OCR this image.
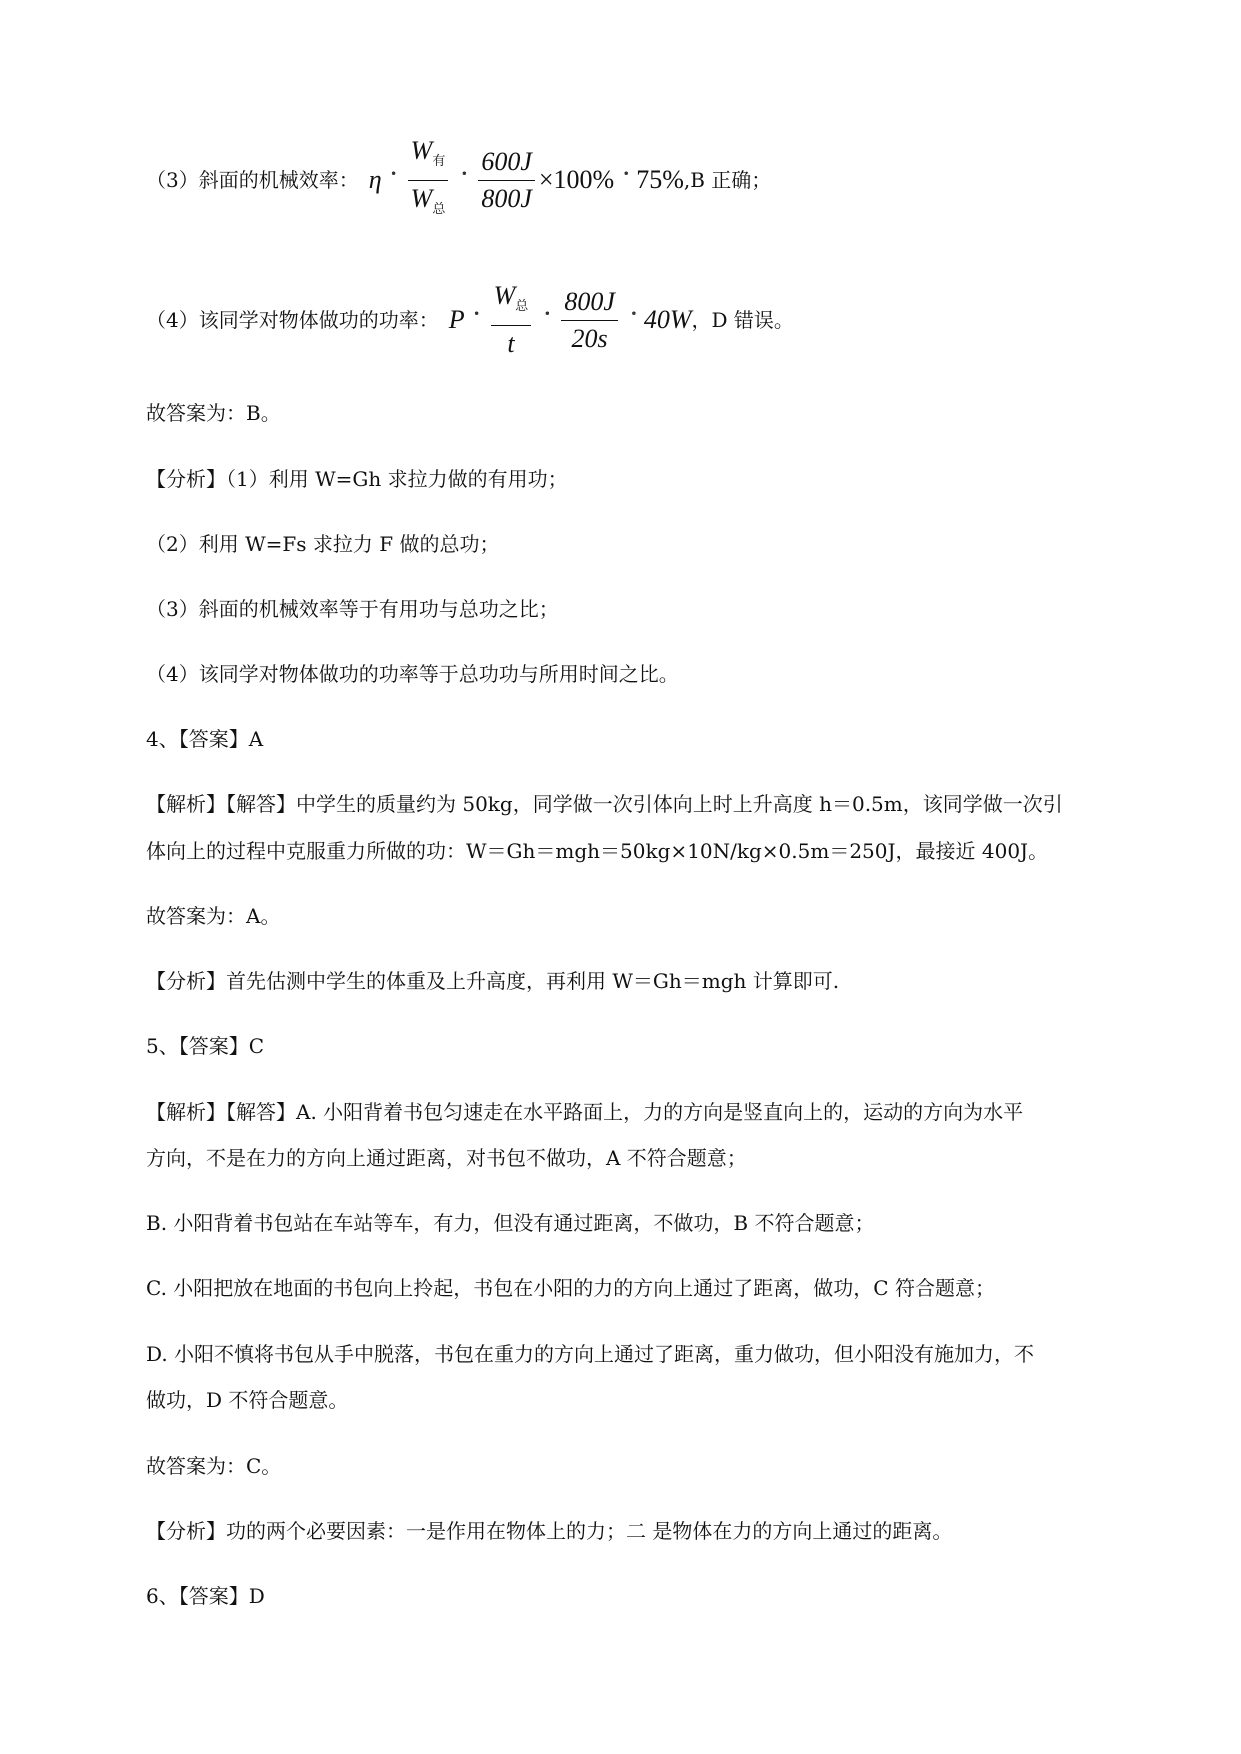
（3）斜面的机械效率： η ˟̊ $\frac{W_有}{W_总}$ ˟̊ $\frac{600J}{800J} \times 100\%$ ˟̊ 75% ,B 正确；
（4）该同学对物体做功的功率： P ˟̊ $\frac{W_总}{t}$ ˟̊ $\frac{800J}{20s}$ ˟̊ 40W ，D 错误。
故答案为：B。
【分析】（1）利用 W=Gh 求拉力做的有用功；
（2）利用 W=Fs 求拉力 F 做的总功；
（3）斜面的机械效率等于有用功与总功之比；
（4）该同学对物体做功的功率等于总功功与所用时间之比。
4、【答案】A
【解析】【解答】中学生的质量约为 50kg，同学做一次引体向上时上升高度 h＝0.5m，该同学做一次引
体向上的过程中克服重力所做的功：W＝Gh＝mgh＝50kg×10N/kg×0.5m＝250J，最接近 400J。
故答案为：A。
【分析】首先估测中学生的体重及上升高度，再利用 W＝Gh＝mgh 计算即可.
5、【答案】C
【解析】【解答】A. 小阳背着书包匀速走在水平路面上，力的方向是竖直向上的，运动的方向为水平
方向，不是在力的方向上通过距离，对书包不做功，A 不符合题意；
B. 小阳背着书包站在车站等车，有力，但没有通过距离，不做功，B 不符合题意；
C. 小阳把放在地面的书包向上拎起，书包在小阳的力的方向上通过了距离，做功，C 符合题意；
D. 小阳不慎将书包从手中脱落，书包在重力的方向上通过了距离，重力做功，但小阳没有施加力，不
做功，D 不符合题意。
故答案为：C。
【分析】功的两个必要因素：一是作用在物体上的力；二 是物体在力的方向上通过的距离。
6、【答案】D
